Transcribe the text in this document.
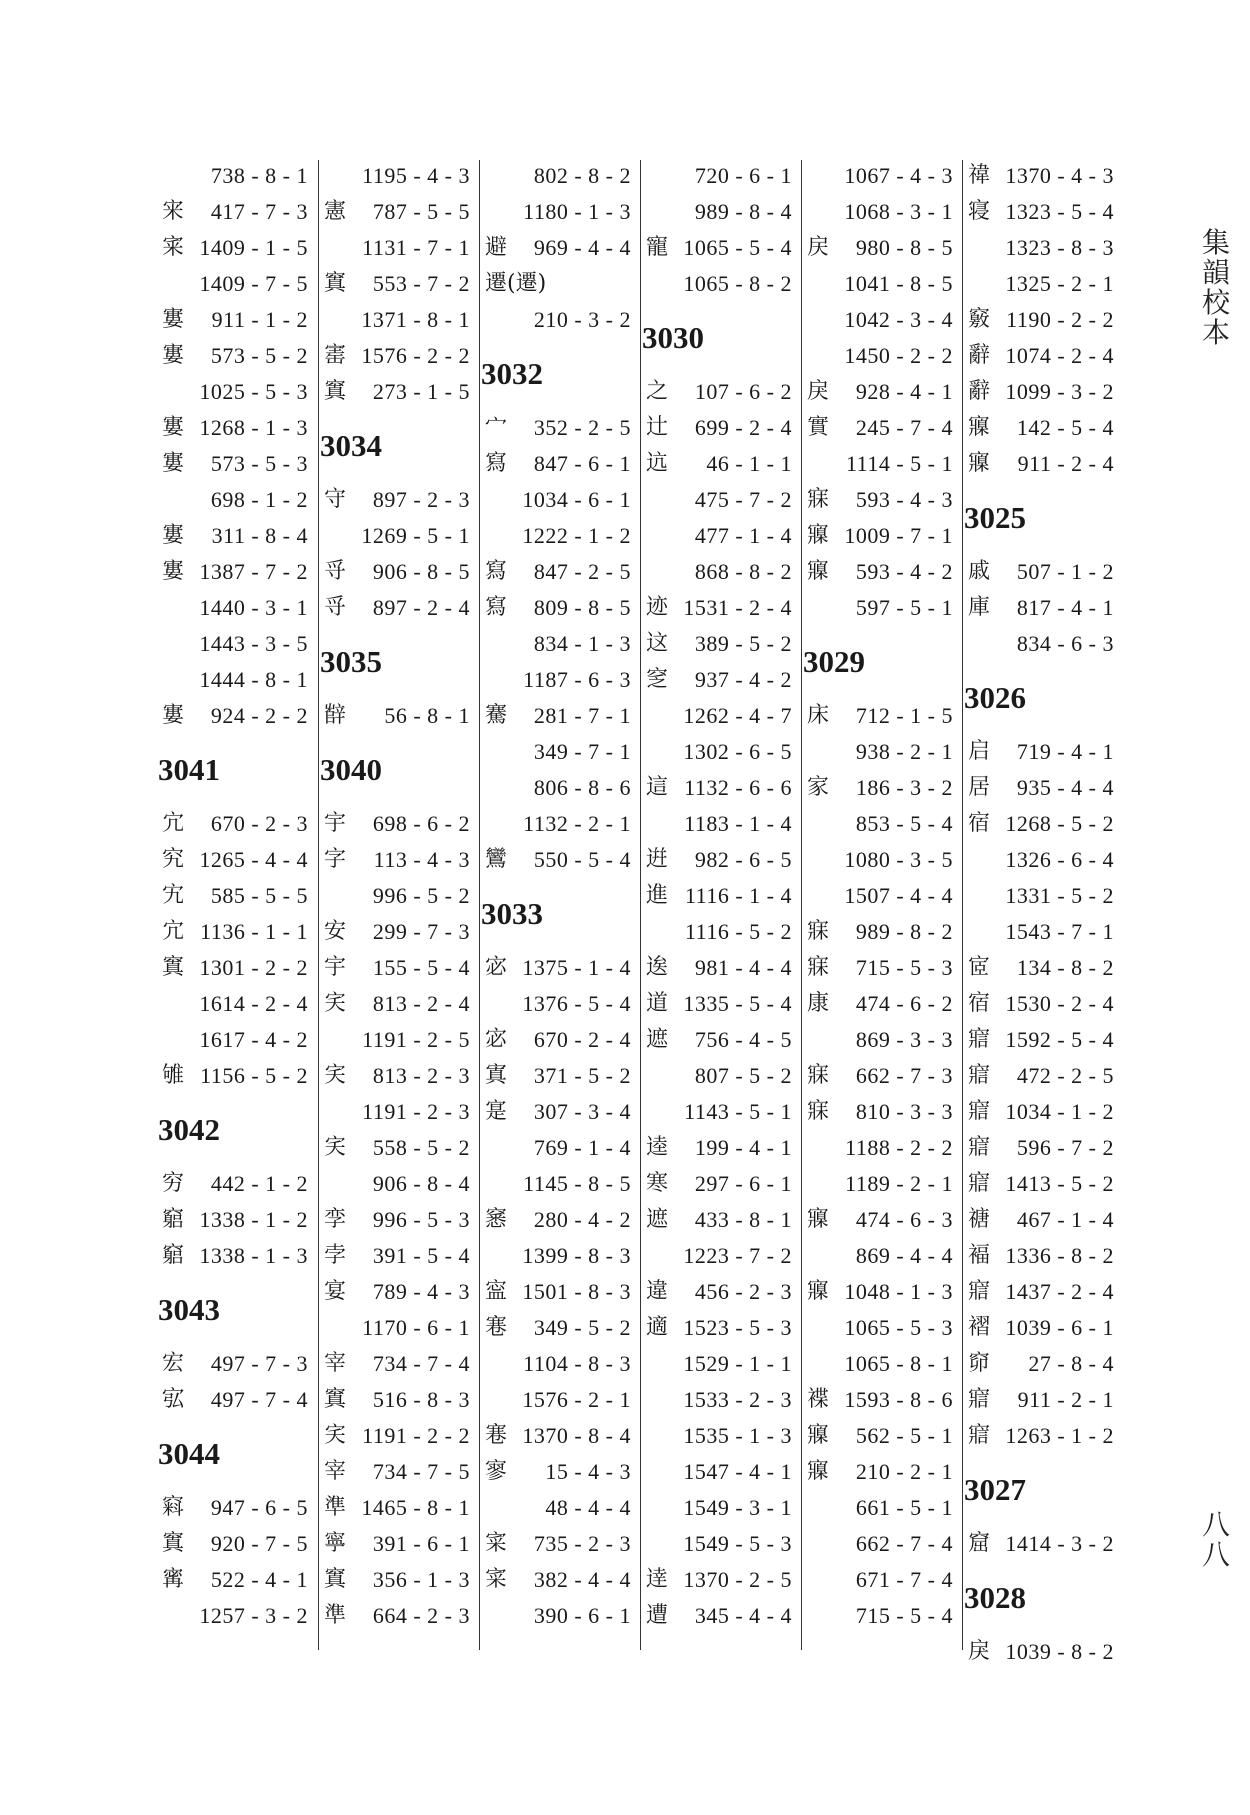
集
韻
校
本
八
八
738 - 8 - 1
宩 417 - 7 - 3
宷 1409 - 1 - 5
1409 - 7 - 5
寠 911 - 1 - 2
寠 573 - 5 - 2
1025 - 5 - 3
寠 1268 - 1 - 3
寠 573 - 5 - 3
698 - 1 - 2
寠 311 - 8 - 4
寠 1387 - 7 - 2
1440 - 3 - 1
1443 - 3 - 5
1444 - 8 - 1
寠 924 - 2 - 2
3041
宂 670 - 2 - 3
究 1265 - 4 - 4
宄 585 - 5 - 5
宂 1136 - 1 - 1
窴 1301 - 2 - 2
1614 - 2 - 4
1617 - 4 - 2
雊 1156 - 5 - 2
3042
穷 442 - 1 - 2
竆 1338 - 1 - 2
竆 1338 - 1 - 3
3043
宏 497 - 7 - 3
宖 497 - 7 - 4
3044
窲 947 - 6 - 5
窴 920 - 7 - 5
寗 522 - 4 - 1
1257 - 3 - 2
1195 - 4 - 3
憲 787 - 5 - 5
1131 - 7 - 1
窴 553 - 7 - 2
1371 - 8 - 1
寚 1576 - 2 - 2
窴 273 - 1 - 5
3034
守 897 - 2 - 3
1269 - 5 - 1
寽 906 - 8 - 5
寽 897 - 2 - 4
3035
辥 56 - 8 - 1
3040
宇 698 - 6 - 2
字 113 - 4 - 3
996 - 5 - 2
安 299 - 7 - 3
宇 155 - 5 - 4
宎 813 - 2 - 4
1191 - 2 - 5
宎 813 - 2 - 3
1191 - 2 - 3
宎 558 - 5 - 2
906 - 8 - 4
孪 996 - 5 - 3
孛 391 - 5 - 4
宴 789 - 4 - 3
1170 - 6 - 1
宰 734 - 7 - 4
窴 516 - 8 - 3
宎 1191 - 2 - 2
宰 734 - 7 - 5
準 1465 - 8 - 1
寧 391 - 6 - 1
窴 356 - 1 - 3
準 664 - 2 - 3
802 - 8 - 2
1180 - 1 - 3
避 969 - 4 - 4
遷(遷)
210 - 3 - 2
3032
宀 352 - 2 - 5
寫 847 - 6 - 1
1034 - 6 - 1
1222 - 1 - 2
寫 847 - 2 - 5
寫 809 - 8 - 5
834 - 1 - 3
1187 - 6 - 3
騫 281 - 7 - 1
349 - 7 - 1
806 - 8 - 6
1132 - 2 - 1
鸞 550 - 5 - 4
3033
宓 1375 - 1 - 4
1376 - 5 - 4
宓 670 - 2 - 4
寘 371 - 5 - 2
寔 307 - 3 - 4
769 - 1 - 4
1145 - 8 - 5
窸 280 - 4 - 2
1399 - 8 - 3
寍 1501 - 8 - 3
寋 349 - 5 - 2
1104 - 8 - 3
1576 - 2 - 1
寋 1370 - 8 - 4
寥 15 - 4 - 3
48 - 4 - 4
寀 735 - 2 - 3
寀 382 - 4 - 4
390 - 6 - 1
720 - 6 - 1
989 - 8 - 4
寵 1065 - 5 - 4
1065 - 8 - 2
3030
之 107 - 6 - 2
辻 699 - 2 - 4
迒 46 - 1 - 1
475 - 7 - 2
477 - 1 - 4
868 - 8 - 2
迹 1531 - 2 - 4
这 389 - 5 - 2
窆 937 - 4 - 2
1262 - 4 - 7
1302 - 6 - 5
這 1132 - 6 - 6
1183 - 1 - 4
逬 982 - 6 - 5
進 1116 - 1 - 4
1116 - 5 - 2
逘 981 - 4 - 4
道 1335 - 5 - 4
遮 756 - 4 - 5
807 - 5 - 2
1143 - 5 - 1
逵 199 - 4 - 1
寒 297 - 6 - 1
遮 433 - 8 - 1
1223 - 7 - 2
違 456 - 2 - 3
適 1523 - 5 - 3
1529 - 1 - 1
1533 - 2 - 3
1535 - 1 - 3
1547 - 4 - 1
1549 - 3 - 1
1549 - 5 - 3
逹 1370 - 2 - 5
遭 345 - 4 - 4
1067 - 4 - 3
1068 - 3 - 1
戻 980 - 8 - 5
1041 - 8 - 5
1042 - 3 - 4
1450 - 2 - 2
戾 928 - 4 - 1
實 245 - 7 - 4
1114 - 5 - 1
寐 593 - 4 - 3
寱 1009 - 7 - 1
寱 593 - 4 - 2
597 - 5 - 1
3029
床 712 - 1 - 5
938 - 2 - 1
家 186 - 3 - 2
853 - 5 - 4
1080 - 3 - 5
1507 - 4 - 4
寐 989 - 8 - 2
寐 715 - 5 - 3
康 474 - 6 - 2
869 - 3 - 3
寐 662 - 7 - 3
寐 810 - 3 - 3
1188 - 2 - 2
1189 - 2 - 1
寱 474 - 6 - 3
869 - 4 - 4
寱 1048 - 1 - 3
1065 - 5 - 3
1065 - 8 - 1
褋 1593 - 8 - 6
寱 562 - 5 - 1
寱 210 - 2 - 1
661 - 5 - 1
662 - 7 - 4
671 - 7 - 4
715 - 5 - 4
禕 1370 - 4 - 3
寝 1323 - 5 - 4
1323 - 8 - 3
1325 - 2 - 1
竅 1190 - 2 - 2
辭 1074 - 2 - 4
辭 1099 - 3 - 2
寱 142 - 5 - 4
寱 911 - 2 - 4
3025
戚 507 - 1 - 2
庫 817 - 4 - 1
834 - 6 - 3
3026
启 719 - 4 - 1
居 935 - 4 - 4
宿 1268 - 5 - 2
1326 - 6 - 4
1331 - 5 - 2
1543 - 7 - 1
宧 134 - 8 - 2
宿 1530 - 2 - 4
寣 1592 - 5 - 4
寣 472 - 2 - 5
寣 1034 - 1 - 2
寣 596 - 7 - 2
寣 1413 - 5 - 2
禟 467 - 1 - 4
褔 1336 - 8 - 2
寣 1437 - 2 - 4
褶 1039 - 6 - 1
窌 27 - 8 - 4
寣 911 - 2 - 1
寣 1263 - 1 - 2
3027
窟 1414 - 3 - 2
3028
戾 1039 - 8 - 2
